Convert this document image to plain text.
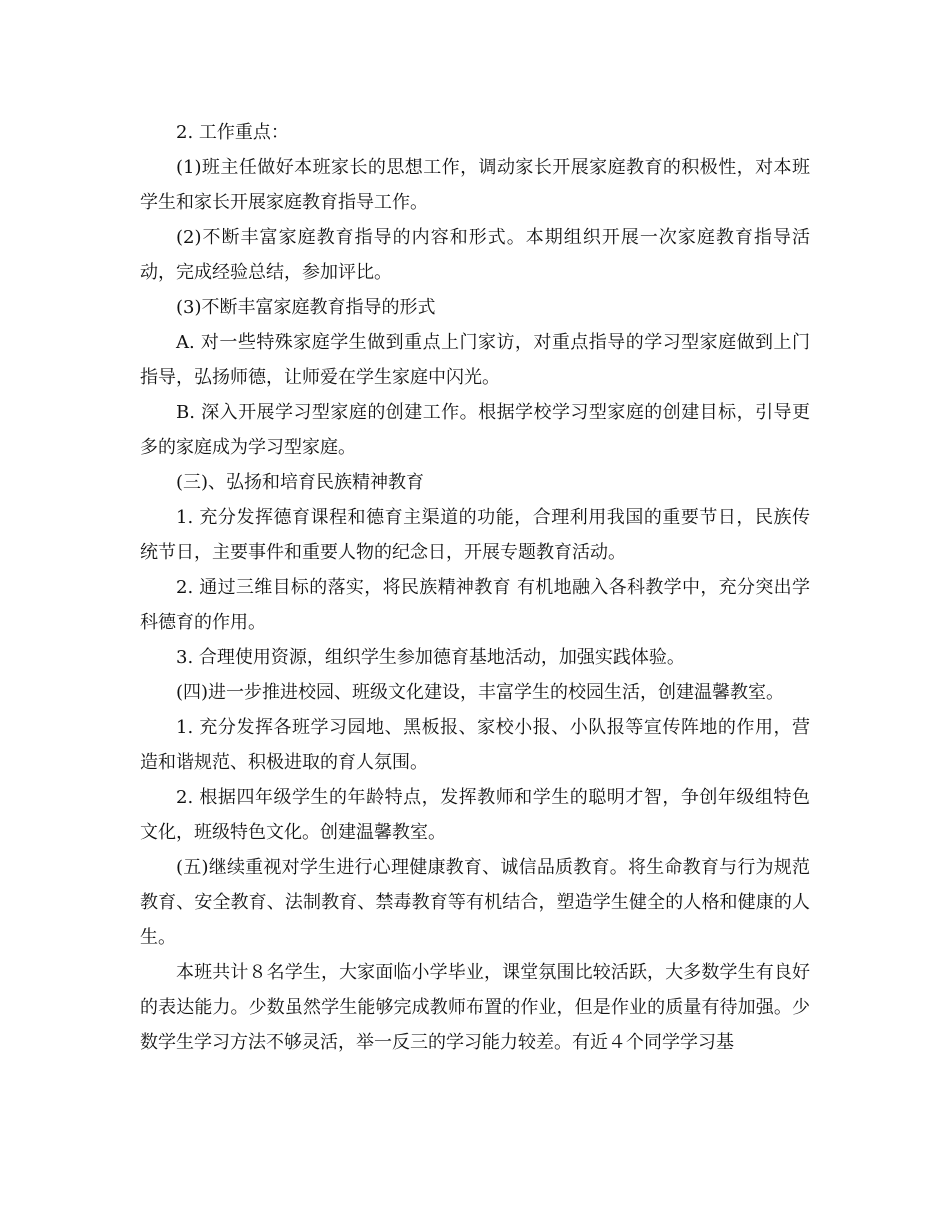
2. 工作重点：

(1)班主任做好本班家长的思想工作，调动家长开展家庭教育的积极性，对本班学生和家长开展家庭教育指导工作。

(2)不断丰富家庭教育指导的内容和形式。本期组织开展一次家庭教育指导活动，完成经验总结，参加评比。

(3)不断丰富家庭教育指导的形式

A. 对一些特殊家庭学生做到重点上门家访，对重点指导的学习型家庭做到上门指导，弘扬师德，让师爱在学生家庭中闪光。

B. 深入开展学习型家庭的创建工作。根据学校学习型家庭的创建目标，引导更多的家庭成为学习型家庭。

(三)、弘扬和培育民族精神教育

1. 充分发挥德育课程和德育主渠道的功能，合理利用我国的重要节日，民族传统节日，主要事件和重要人物的纪念日，开展专题教育活动。

2. 通过三维目标的落实，将民族精神教育 有机地融入各科教学中，充分突出学科德育的作用。

3. 合理使用资源，组织学生参加德育基地活动，加强实践体验。

(四)进一步推进校园、班级文化建设，丰富学生的校园生活，创建温馨教室。

1. 充分发挥各班学习园地、黑板报、家校小报、小队报等宣传阵地的作用，营造和谐规范、积极进取的育人氛围。

2. 根据四年级学生的年龄特点，发挥教师和学生的聪明才智，争创年级组特色文化，班级特色文化。创建温馨教室。

(五)继续重视对学生进行心理健康教育、诚信品质教育。将生命教育与行为规范教育、安全教育、法制教育、禁毒教育等有机结合，塑造学生健全的人格和健康的人生。

本班共计８名学生，大家面临小学毕业，课堂氛围比较活跃，大多数学生有良好的表达能力。少数虽然学生能够完成教师布置的作业，但是作业的质量有待加强。少数学生学习方法不够灵活，举一反三的学习能力较差。有近４个同学学习基
